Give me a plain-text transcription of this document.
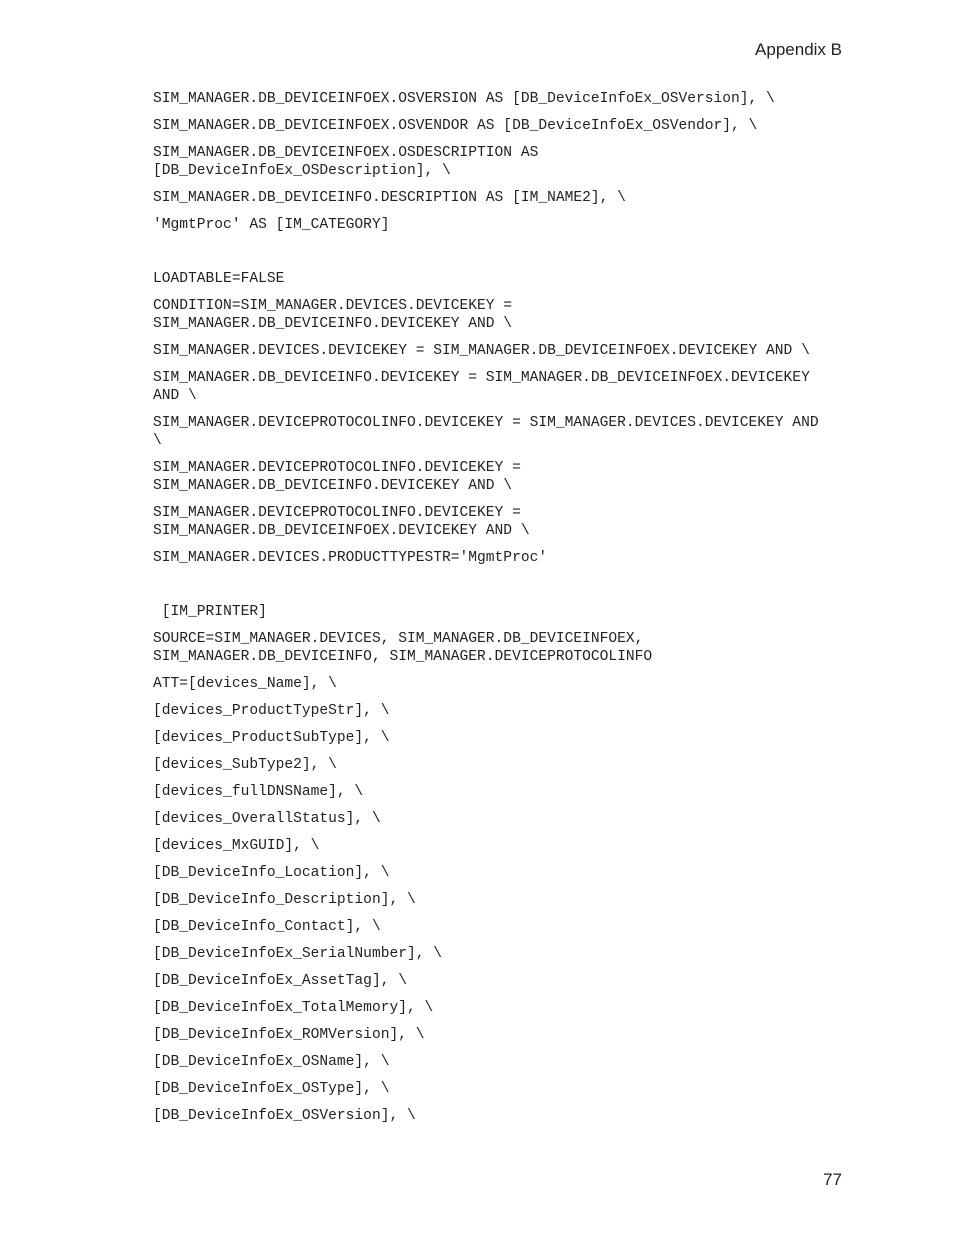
Appendix B
SIM_MANAGER.DB_DEVICEINFOEX.OSVERSION AS [DB_DeviceInfoEx_OSVersion], \
SIM_MANAGER.DB_DEVICEINFOEX.OSVENDOR AS [DB_DeviceInfoEx_OSVendor], \
SIM_MANAGER.DB_DEVICEINFOEX.OSDESCRIPTION AS
[DB_DeviceInfoEx_OSDescription], \
SIM_MANAGER.DB_DEVICEINFO.DESCRIPTION AS [IM_NAME2], \
'MgmtProc' AS [IM_CATEGORY]
LOADTABLE=FALSE
CONDITION=SIM_MANAGER.DEVICES.DEVICEKEY =
SIM_MANAGER.DB_DEVICEINFO.DEVICEKEY AND \
SIM_MANAGER.DEVICES.DEVICEKEY = SIM_MANAGER.DB_DEVICEINFOEX.DEVICEKEY AND \
SIM_MANAGER.DB_DEVICEINFO.DEVICEKEY = SIM_MANAGER.DB_DEVICEINFOEX.DEVICEKEY
AND \
SIM_MANAGER.DEVICEPROTOCOLINFO.DEVICEKEY = SIM_MANAGER.DEVICES.DEVICEKEY AND
\
SIM_MANAGER.DEVICEPROTOCOLINFO.DEVICEKEY =
SIM_MANAGER.DB_DEVICEINFO.DEVICEKEY AND \
SIM_MANAGER.DEVICEPROTOCOLINFO.DEVICEKEY =
SIM_MANAGER.DB_DEVICEINFOEX.DEVICEKEY AND \
SIM_MANAGER.DEVICES.PRODUCTTYPESTR='MgmtProc'
[IM_PRINTER]
SOURCE=SIM_MANAGER.DEVICES, SIM_MANAGER.DB_DEVICEINFOEX,
SIM_MANAGER.DB_DEVICEINFO, SIM_MANAGER.DEVICEPROTOCOLINFO
ATT=[devices_Name], \
[devices_ProductTypeStr], \
[devices_ProductSubType], \
[devices_SubType2], \
[devices_fullDNSName], \
[devices_OverallStatus], \
[devices_MxGUID], \
[DB_DeviceInfo_Location], \
[DB_DeviceInfo_Description], \
[DB_DeviceInfo_Contact], \
[DB_DeviceInfoEx_SerialNumber], \
[DB_DeviceInfoEx_AssetTag], \
[DB_DeviceInfoEx_TotalMemory], \
[DB_DeviceInfoEx_ROMVersion], \
[DB_DeviceInfoEx_OSName], \
[DB_DeviceInfoEx_OSType], \
[DB_DeviceInfoEx_OSVersion], \
77
